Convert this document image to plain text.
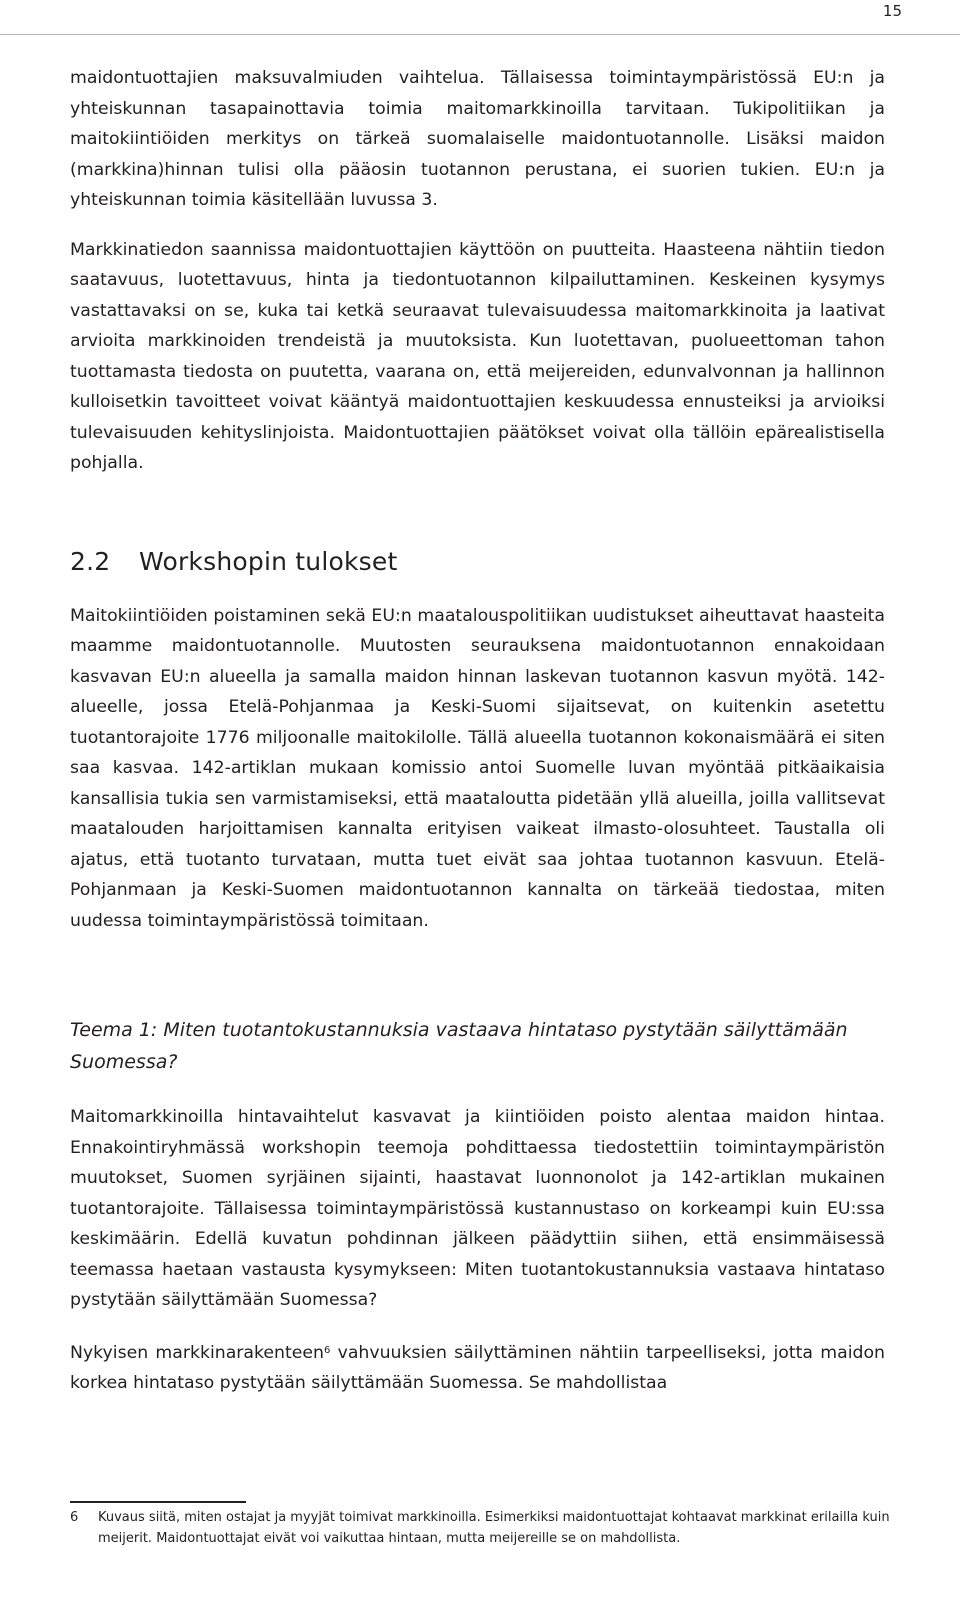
15

maidontuottajien maksuvalmiuden vaihtelua. Tällaisessa toimintaympäristössä EU:n ja yhteiskunnan tasapainottavia toimia maitomarkkinoilla tarvitaan. Tukipolitiikan ja maitokiintiöiden merkitys on tärkeä suomalaiselle maidontuotannolle. Lisäksi maidon (markkina)hinnan tulisi olla pääosin tuotannon perustana, ei suorien tukien. EU:n ja yhteiskunnan toimia käsitellään luvussa 3.

Markkinatiedon saannissa maidontuottajien käyttöön on puutteita. Haasteena nähtiin tiedon saatavuus, luotettavuus, hinta ja tiedontuotannon kilpailuttaminen. Keskeinen kysymys vastattavaksi on se, kuka tai ketkä seuraavat tulevaisuudessa maitomarkkinoita ja laativat arvioita markkinoiden trendeistä ja muutoksista. Kun luotettavan, puolueettoman tahon tuottamasta tiedosta on puutetta, vaarana on, että meijereiden, edunvalvonnan ja hallinnon kulloisetkin tavoitteet voivat kääntyä maidontuottajien keskuudessa ennusteiksi ja arvioiksi tulevaisuuden kehityslinjoista. Maidontuottajien päätökset voivat olla tällöin epärealistisella pohjalla.

2.2 Workshopin tulokset

Maitokiintiöiden poistaminen sekä EU:n maatalouspolitiikan uudistukset aiheuttavat haasteita maamme maidontuotannolle. Muutosten seurauksena maidontuotannon ennakoidaan kasvavan EU:n alueella ja samalla maidon hinnan laskevan tuotannon kasvun myötä. 142-alueelle, jossa Etelä-Pohjanmaa ja Keski-Suomi sijaitsevat, on kuitenkin asetettu tuotantorajoite 1776 miljoonalle maitokilolle. Tällä alueella tuotannon kokonaismäärä ei siten saa kasvaa. 142-artiklan mukaan komissio antoi Suomelle luvan myöntää pitkäaikaisia kansallisia tukia sen varmistamiseksi, että maataloutta pidetään yllä alueilla, joilla vallitsevat maatalouden harjoittamisen kannalta erityisen vaikeat ilmasto-olosuhteet. Taustalla oli ajatus, että tuotanto turvataan, mutta tuet eivät saa johtaa tuotannon kasvuun. Etelä-Pohjanmaan ja Keski-Suomen maidontuotannon kannalta on tärkeää tiedostaa, miten uudessa toimintaympäristössä toimitaan.

Teema 1: Miten tuotantokustannuksia vastaava hintataso pystytään säilyttämään Suomessa?

Maitomarkkinoilla hintavaihtelut kasvavat ja kiintiöiden poisto alentaa maidon hintaa. Ennakointiryhmässä workshopin teemoja pohdittaessa tiedostettiin toimintaympäristön muutokset, Suomen syrjäinen sijainti, haastavat luonnonolot ja 142-artiklan mukainen tuotantorajoite. Tällaisessa toimintaympäristössä kustannustaso on korkeampi kuin EU:ssa keskimäärin. Edellä kuvatun pohdinnan jälkeen päädyttiin siihen, että ensimmäisessä teemassa haetaan vastausta kysymykseen: Miten tuotantokustannuksia vastaava hintataso pystytään säilyttämään Suomessa?

Nykyisen markkinarakenteen$^6$ vahvuuksien säilyttäminen nähtiin tarpeelliseksi, jotta maidon korkea hintataso pystytään säilyttämään Suomessa. Se mahdollistaa

6	Kuvaus siitä, miten ostajat ja myyjät toimivat markkinoilla. Esimerkiksi maidontuottajat kohtaavat markkinat erilailla kuin meijerit. Maidontuottajat eivät voi vaikuttaa hintaan, mutta meijereille se on mahdollista.
